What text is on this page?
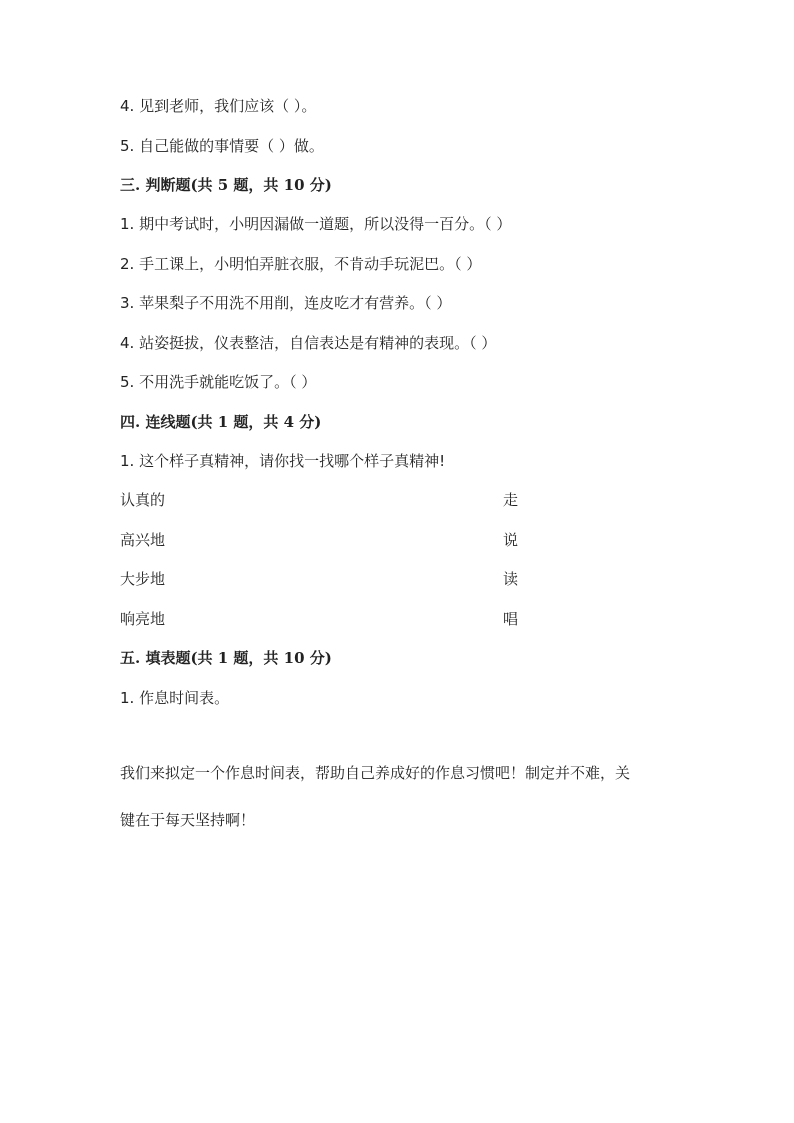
4. 见到老师，我们应该（ ）。
5. 自己能做的事情要（ ）做。
三. 判断题(共 5 题，共 10 分)
1. 期中考试时，小明因漏做一道题，所以没得一百分。（ ）
2. 手工课上，小明怕弄脏衣服，不肯动手玩泥巴。（ ）
3. 苹果梨子不用洗不用削，连皮吃才有营养。（ ）
4. 站姿挺拔，仪表整洁，自信表达是有精神的表现。（ ）
5. 不用洗手就能吃饭了。（ ）
四. 连线题(共 1 题，共 4 分)
1. 这个样子真精神，请你找一找哪个样子真精神!
认真的	走
高兴地	说
大步地	读
响亮地	唱
五. 填表题(共 1 题，共 10 分)
1. 作息时间表。
我们来拟定一个作息时间表，帮助自己养成好的作息习惯吧！制定并不难，关
键在于每天坚持啊！
